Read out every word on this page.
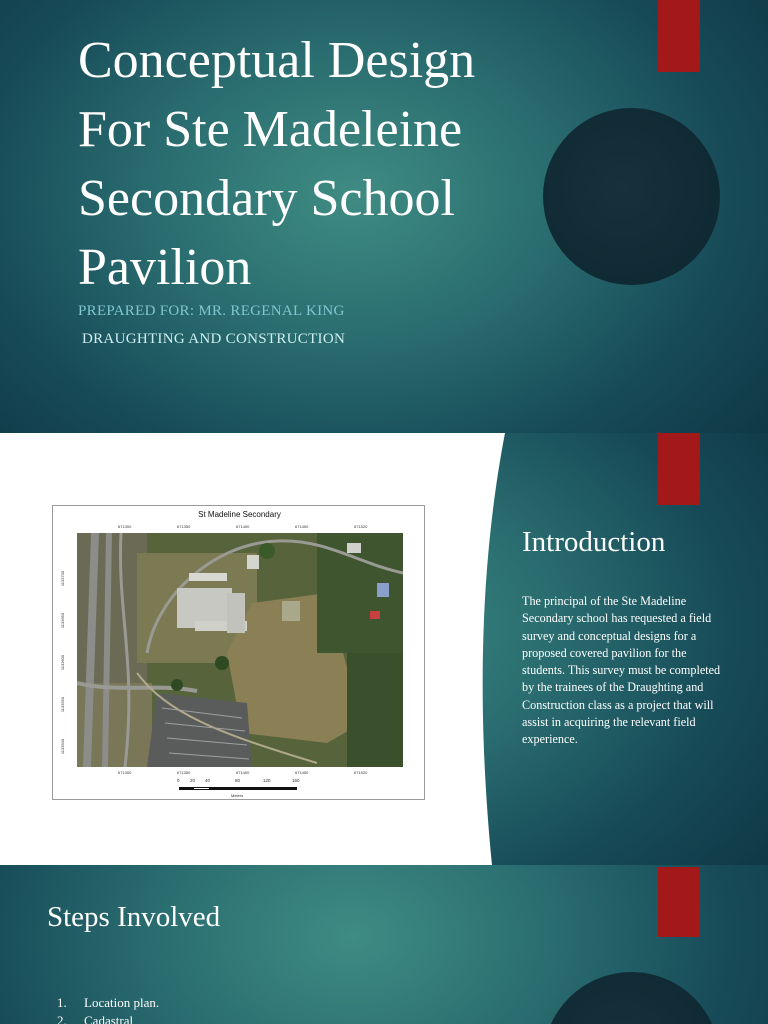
Conceptual Design For Ste Madeleine Secondary School Pavilion
PREPARED FOR: MR. REGENAL KING
DRAUGHTING AND CONSTRUCTION
St Madeline Secondary
671300	671350	671400	671450	671520
671300	671350	671400	671450	671520
1133700
1133650
1133600
1133550
1133500
0 20 40	80	120	160
Meters
Introduction
The principal of the Ste Madeline Secondary school has requested a field survey and conceptual designs for a proposed covered pavilion for the students. This survey must be completed by the trainees of the Draughting and Construction class as a project that will assist in acquiring the relevant field experience.
Steps Involved
1. Location plan.
2. Cadastral
